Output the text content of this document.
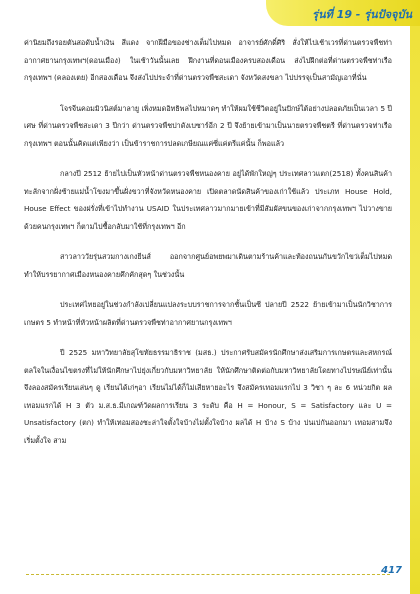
รุ่นที่ 19 - รุ่นปัจจุบัน

ค่านิยมถึงรอยตันสอดับน้ำเงิน สีแดง จากฝีมือของช่างเต็มไปหมด อาจารย์ศักดิ์ศิริ สั่งให้ไปเช้าเวรที่ด่านตรวจพืชท่าอากาศยานกรุงเทพฯ(ดอนเมือง) ในเช้าวันนั้นเลย ฝึกงานที่ดอนเมืองครบสองเดือน ส่งไปฝึกต่อที่ด่านตรวจพืชท่าเรือกรุงเทพฯ (คลองเตย) อีกสองเดือน จึงส่งไปประจำที่ด่านตรวจพืชสะเดา จังหวัดสงขลา ไปปรรจุเป็นสามัญเอาที่นั่น

โจรจีนคอมมิวนิสต์มาลายู เพิ่งหมดอิทธิพลไปหมาดๆ ทำให้ผมใช้ชีวิตอยู่ในปักษ์ใต้อย่างปลอดภัยเป็นเวลา 5 ปีเศษ ที่ด่านตรวจพืชสะเดา 3 ปีกว่า ด่านตรวจพืชปาดังเบซาร์อีก 2 ปี จึงย้ายเข้ามาเป็นนายตรวจพืชตรี ที่ด่านตรวจท่าเรือกรุงเทพฯ ตอนนั้นคิดแต่เพียงว่า เป็นข้าราชการปลดเกษียณแค่ซี่แค่ตรีแค่นั้น ก็พอแล้ว

กลางปี 2512 ย้ายไปเป็นหัวหน้าด่านตรวจพืชหนองคาย อยู่ได้พักใหญ่ๆ ประเทศลาวแตก(2518) ทั้งคนสินค้าทะลักจากฝั่งซ้ายแม่น้ำโขงมาขึ้นฝั่งขวาที่จังหวัดหนองคาย เปิดตลาดนัดสินค้าของเก่าใช้แล้ว ประเภท House Hold, House Effect ของฝรั่งที่เข้าไปทำงาน USAID ในประเทศลาวมากมายเข้าที่มีสัมผัสขนของเก่าจากกรุงเทพฯ ไปวางขายด้วยคนกรุงเทพฯ ก็ตามไปซื้อกลับมาใช้ที่กรุงเทพฯ อีก

สาวลาววัยรุ่นสวมกางเกงยีนส์ ออกจากศูนย์อพยพมาเดินตามร้านค้าและท้องถนนกันขวักไขว่เต็มไปหมด ทำให้บรรยากาศเมืองหนองคายคึกคักสุดๆ ในช่วงนั้น

ประเทศไทยอยู่ในช่วงกำลังเปลี่ยนแปลงระบบราชการจากชั้นเป็นซี ปลายปี 2522 ย้ายเข้ามาเป็นนักวิชาการเกษตร 5 ทำหน้าที่หัวหน้าผลิตที่ด่านตรวจพืชท่าอากาศยานกรุงเทพฯ

ปี 2525 มหาวิทยาลัยสุโขทัยธรรมาธิราช (มสธ.) ประกาศรับสมัครนักศึกษาส่งเสริมการเกษตรและสหกรณ์ ตลใจในเงื่อนไขตรงที่ไม่ให้นักศึกษาไปยุ่งเกี่ยวกับมหาวิทยาลัย ให้นักศึกษาติดต่อกับมหาวิทยาลัยโดยทางไปรษณีย์เท่านั้น จึงลองสมัครเรียนเล่นๆ ดู เรียนได้เก่ๆอา เรียนไม่ได้ก็ไม่เสียหายอะไร จึงสมัครเทอมแรกไป 3 วิชา ๆ ละ 6 หน่วยกิต ผลเทอมแรกได้ H 3 ตัว ม.ส.ธ.มีเกณฑ์วัดผลการเรียน 3 ระดับ คือ H = Honour, S = Satisfactory และ U = Unsatisfactory (ตก) ทำให้เทอมสองชะล่าใจตั้งใจบ้างไม่ตั้งใจบ้าง ผลได้ H บ้าง S บ้าง ปนเปกันออกมา เทอมสามจึงเริ่มตั้งใจ สาม

417
